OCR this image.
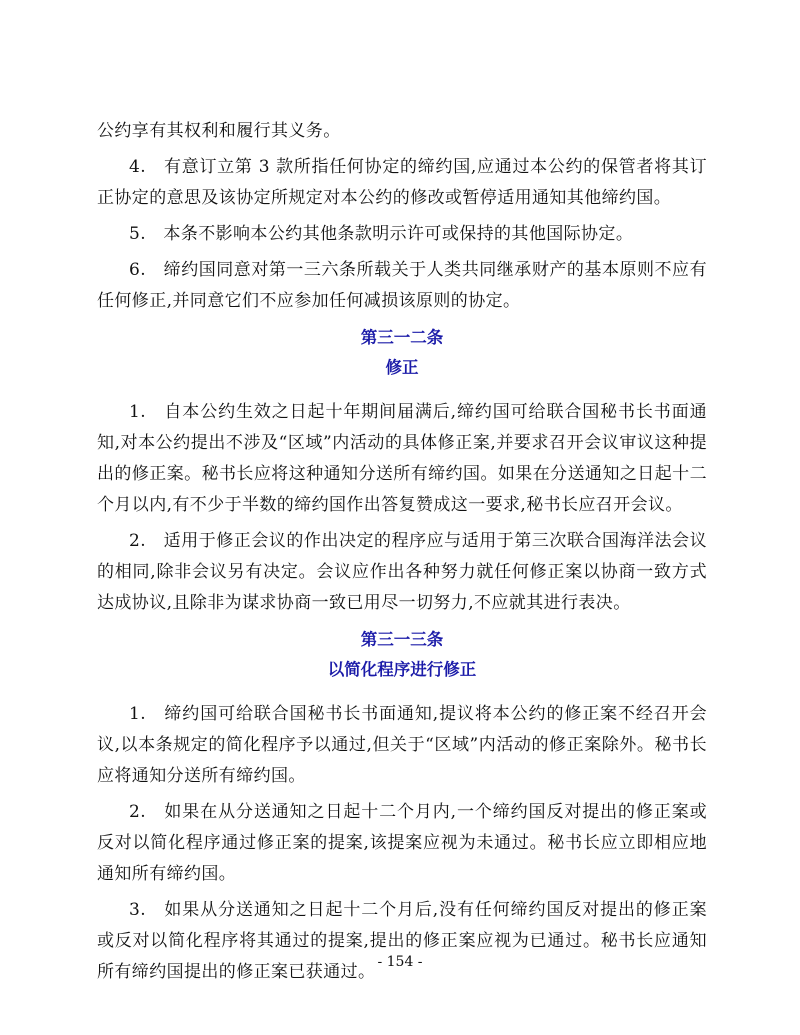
公约享有其权利和履行其义务。

4.　有意订立第 3 款所指任何协定的缔约国,应通过本公约的保管者将其订正协定的意思及该协定所规定对本公约的修改或暂停适用通知其他缔约国。

5.　本条不影响本公约其他条款明示许可或保持的其他国际协定。

6.　缔约国同意对第一三六条所载关于人类共同继承财产的基本原则不应有任何修正,并同意它们不应参加任何减损该原则的协定。

第三一二条
修正

1.　自本公约生效之日起十年期间届满后,缔约国可给联合国秘书长书面通知,对本公约提出不涉及“区域”内活动的具体修正案,并要求召开会议审议这种提出的修正案。秘书长应将这种通知分送所有缔约国。如果在分送通知之日起十二个月以内,有不少于半数的缔约国作出答复赞成这一要求,秘书长应召开会议。

2.　适用于修正会议的作出决定的程序应与适用于第三次联合国海洋法会议的相同,除非会议另有决定。会议应作出各种努力就任何修正案以协商一致方式达成协议,且除非为谋求协商一致已用尽一切努力,不应就其进行表决。

第三一三条
以简化程序进行修正

1.　缔约国可给联合国秘书长书面通知,提议将本公约的修正案不经召开会议,以本条规定的简化程序予以通过,但关于“区域”内活动的修正案除外。秘书长应将通知分送所有缔约国。

2.　如果在从分送通知之日起十二个月内,一个缔约国反对提出的修正案或反对以简化程序通过修正案的提案,该提案应视为未通过。秘书长应立即相应地通知所有缔约国。

3.　如果从分送通知之日起十二个月后,没有任何缔约国反对提出的修正案或反对以简化程序将其通过的提案,提出的修正案应视为已通过。秘书长应通知所有缔约国提出的修正案已获通过。 - 154 -
